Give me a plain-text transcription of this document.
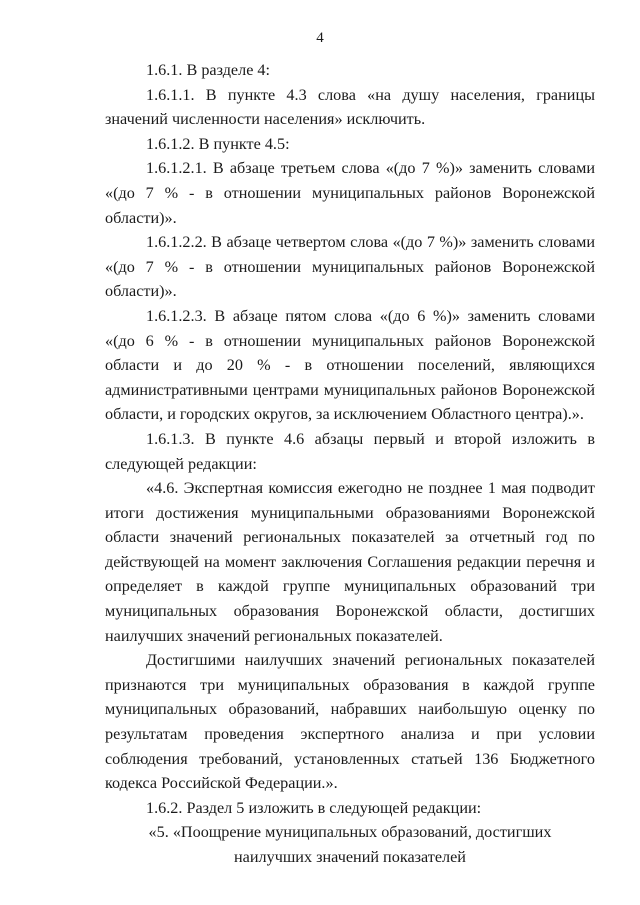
4

1.6.1. В разделе 4:

1.6.1.1. В пункте 4.3 слова «на душу населения, границы значений численности населения» исключить.

1.6.1.2. В пункте 4.5:

1.6.1.2.1. В абзаце третьем слова «(до 7 %)» заменить словами «(до 7 % - в отношении муниципальных районов Воронежской области)».

1.6.1.2.2. В абзаце четвертом слова «(до 7 %)» заменить словами «(до 7 % - в отношении муниципальных районов Воронежской области)».

1.6.1.2.3. В абзаце пятом слова «(до 6 %)» заменить словами «(до 6 % - в отношении муниципальных районов Воронежской области и до 20 % - в отношении поселений, являющихся административными центрами муниципальных районов Воронежской области, и городских округов, за исключением Областного центра).».

1.6.1.3. В пункте 4.6 абзацы первый и второй изложить в следующей редакции:

«4.6. Экспертная комиссия ежегодно не позднее 1 мая подводит итоги достижения муниципальными образованиями Воронежской области значений региональных показателей за отчетный год по действующей на момент заключения Соглашения редакции перечня и определяет в каждой группе муниципальных образований три муниципальных образования Воронежской области, достигших наилучших значений региональных показателей.

Достигшими наилучших значений региональных показателей признаются три муниципальных образования в каждой группе муниципальных образований, набравших наибольшую оценку по результатам проведения экспертного анализа и при условии соблюдения требований, установленных статьей 136 Бюджетного кодекса Российской Федерации.».

1.6.2. Раздел 5 изложить в следующей редакции:

«5. «Поощрение муниципальных образований, достигших

наилучших значений показателей
